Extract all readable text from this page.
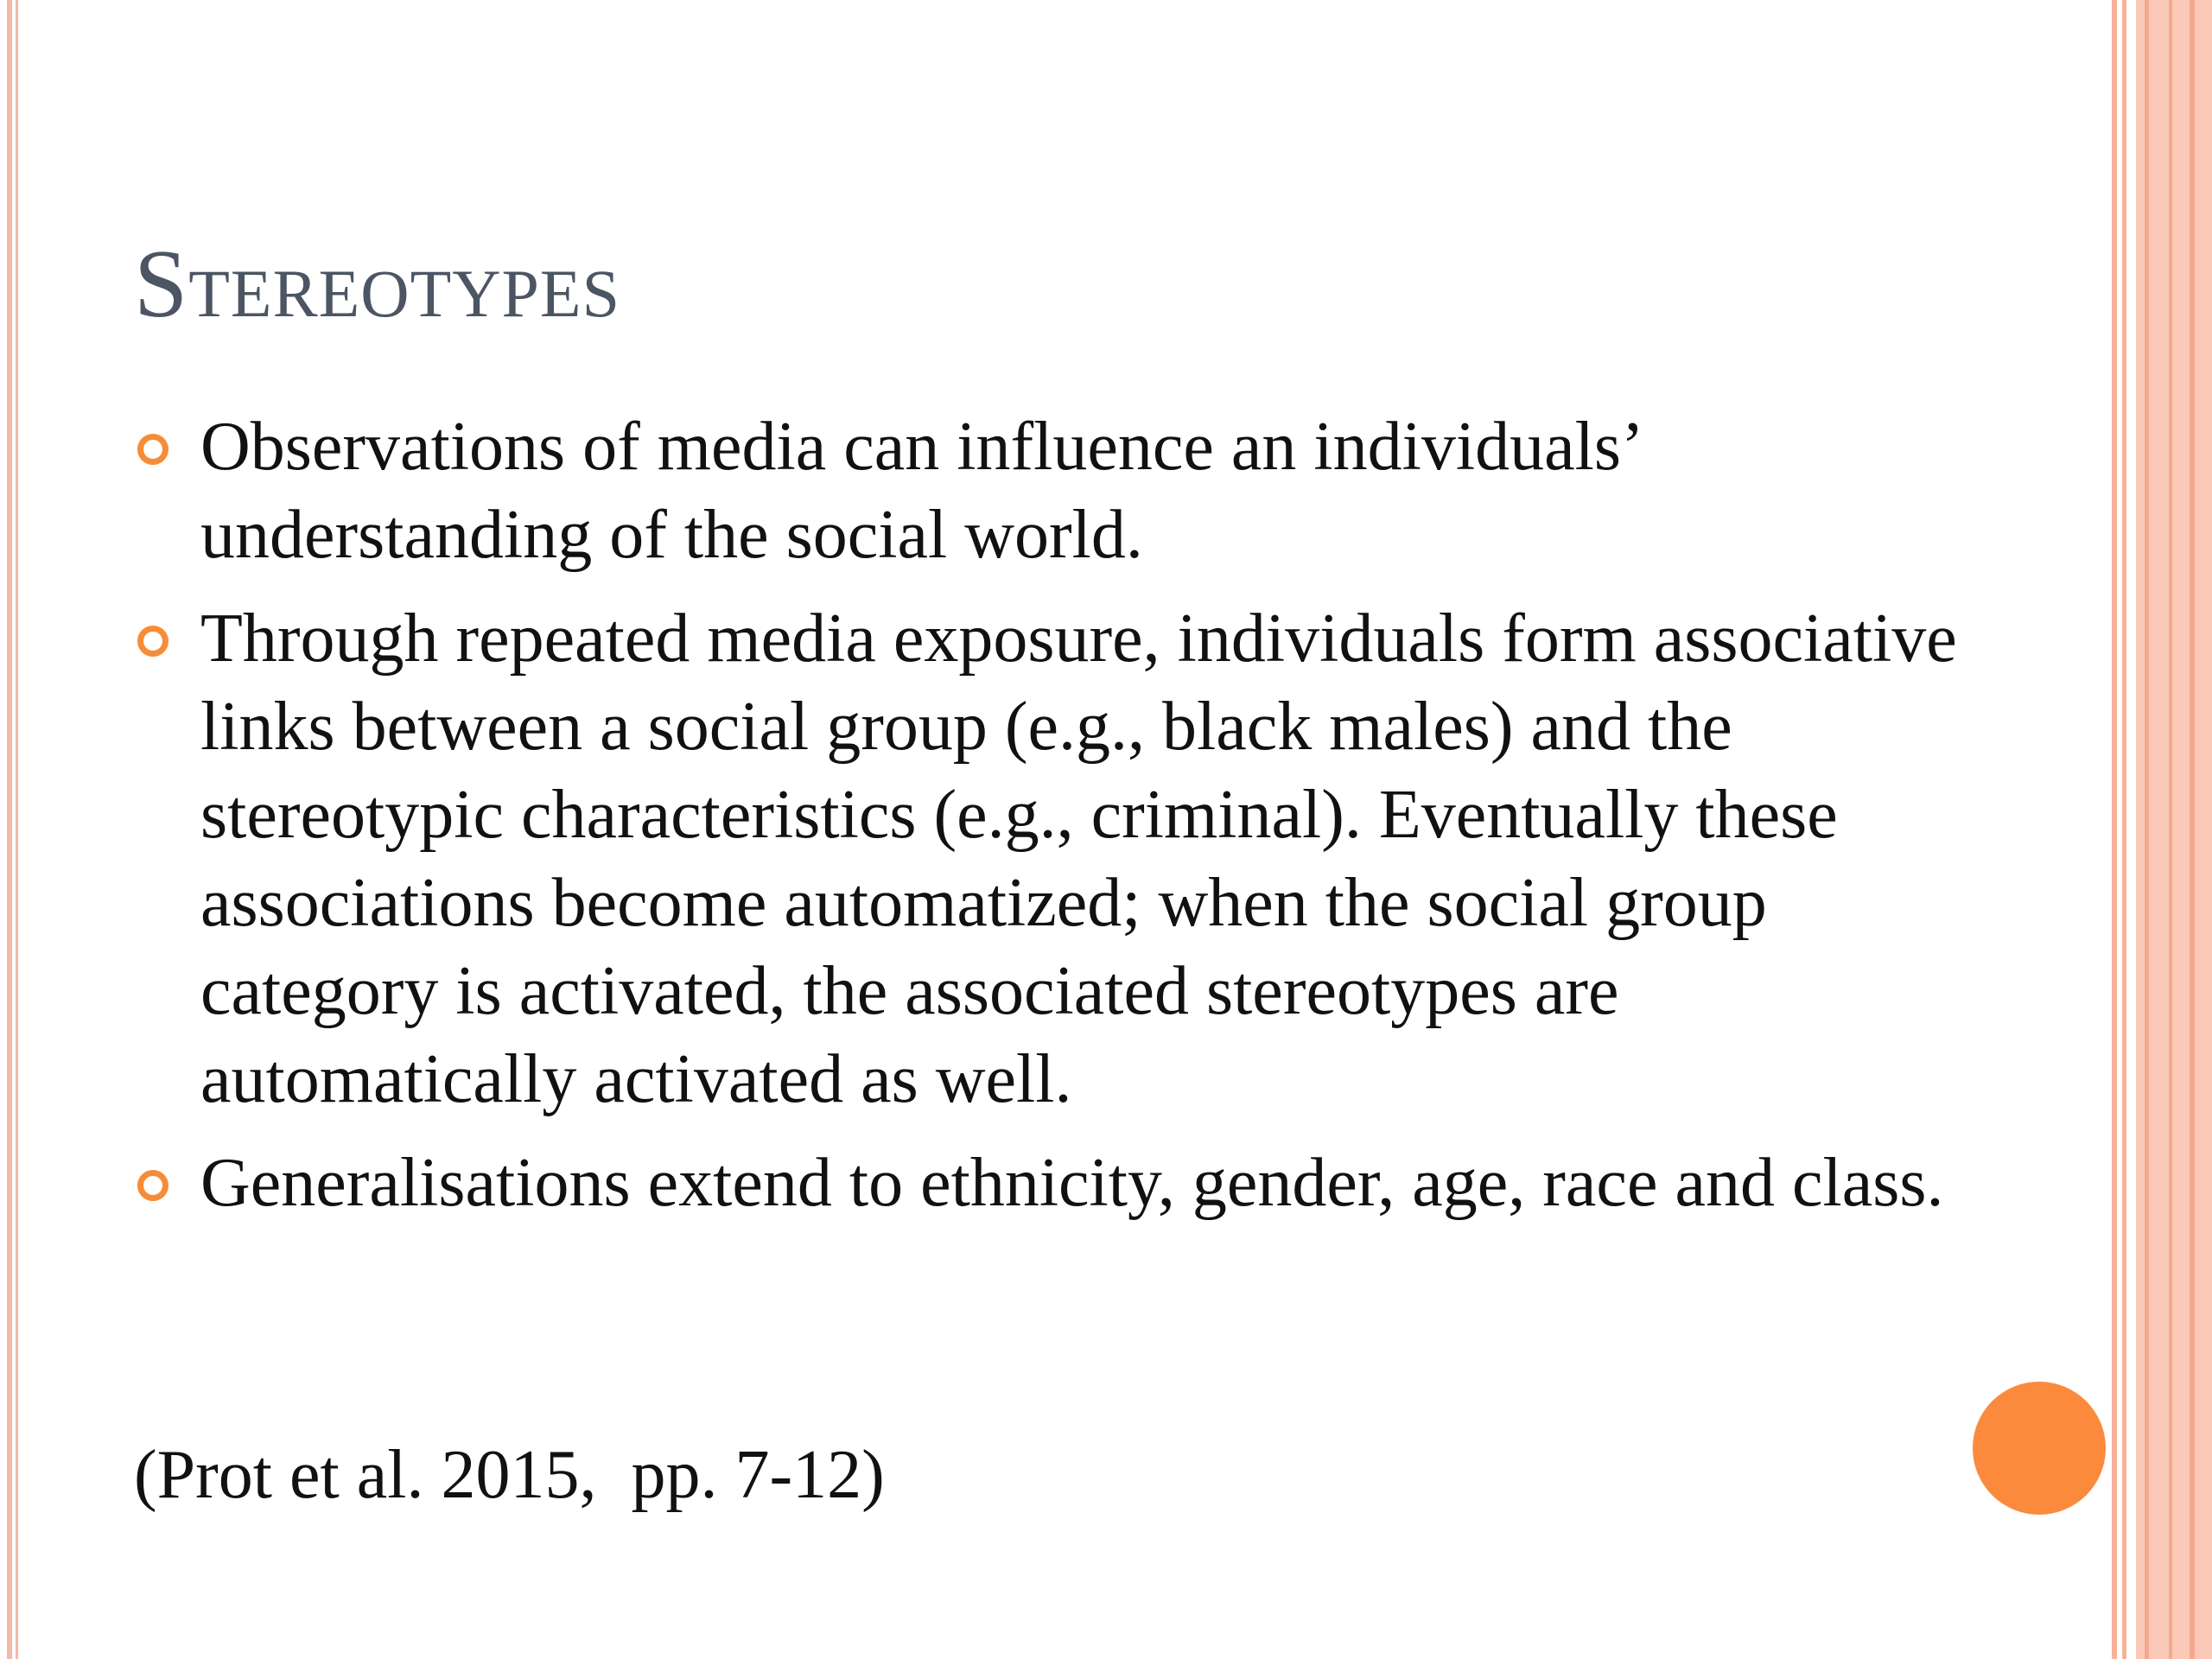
Stereotypes
Observations of media can influence an individuals’ understanding of the social world.
Through repeated media exposure, individuals form associative links between a social group (e.g., black males) and the stereotypic characteristics (e.g., criminal). Eventually these associations become automatized; when the social group category is activated, the associated stereotypes are automatically activated as well.
Generalisations extend to ethnicity, gender, age, race and class.

(Prot et al. 2015,  pp. 7-12)
